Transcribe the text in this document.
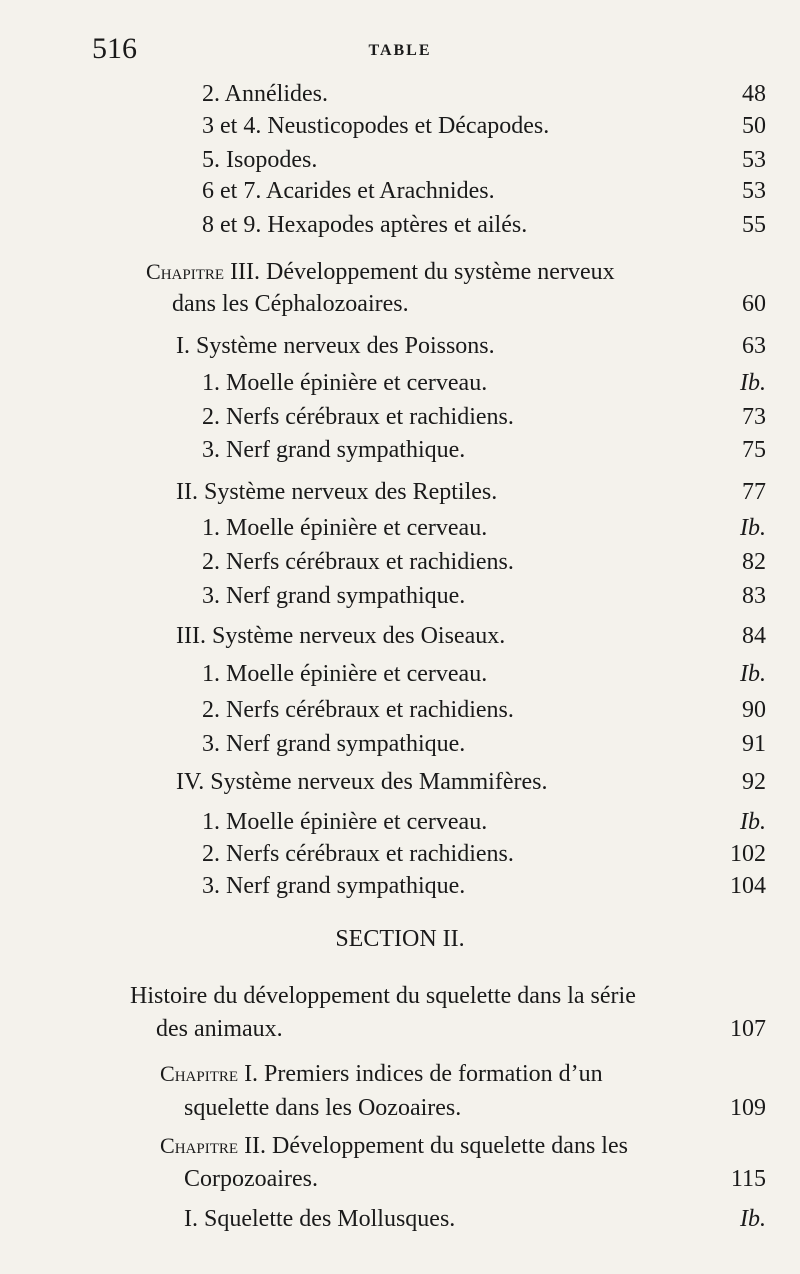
516	TABLE
2. Annélides.	48
3 et 4. Neusticopodes et Décapodes.	50
5. Isopodes.	53
6 et 7. Acarides et Arachnides.	53
8 et 9. Hexapodes aptères et ailés.	55
Chapitre III. Développement du système nerveux
dans les Céphalozoaires.	60
I. Système nerveux des Poissons.	63
1. Moelle épinière et cerveau.	Ib.
2. Nerfs cérébraux et rachidiens.	73
3. Nerf grand sympathique.	75
II. Système nerveux des Reptiles.	77
1. Moelle épinière et cerveau.	Ib.
2. Nerfs cérébraux et rachidiens.	82
3. Nerf grand sympathique.	83
III. Système nerveux des Oiseaux.	84
1. Moelle épinière et cerveau.	Ib.
2. Nerfs cérébraux et rachidiens.	90
3. Nerf grand sympathique.	91
IV. Système nerveux des Mammifères.	92
1. Moelle épinière et cerveau.	Ib.
2. Nerfs cérébraux et rachidiens.	102
3. Nerf grand sympathique.	104
SECTION II.
Histoire du développement du squelette dans la série
des animaux.	107
Chapitre I. Premiers indices de formation d’un
squelette dans les Oozoaires.	109
Chapitre II. Développement du squelette dans les
Corpozoaires.	115
I. Squelette des Mollusques.	Ib.
